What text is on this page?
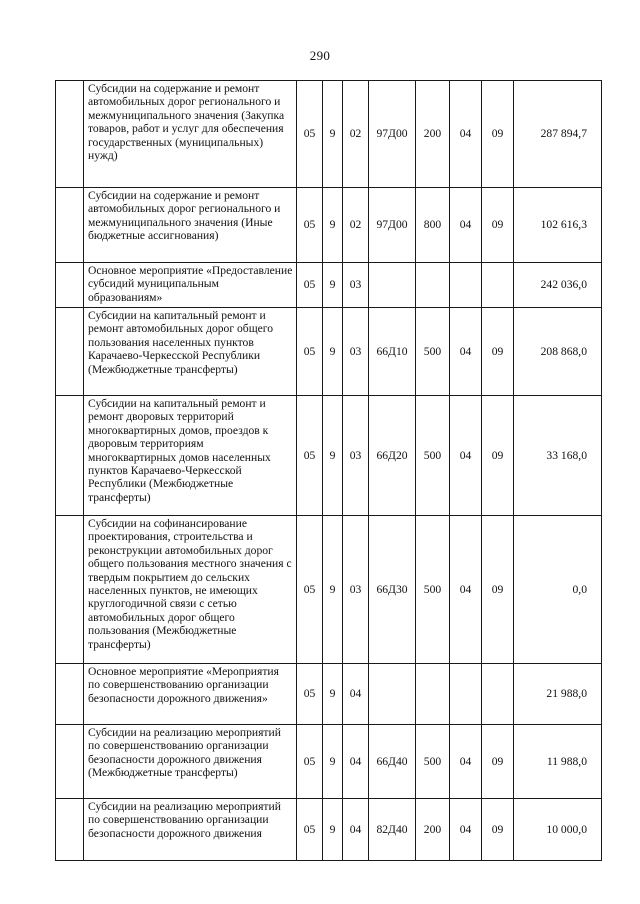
290
	Субсидии на содержание и ремонт автомобильных дорог регионального и межмуниципального значения (Закупка товаров, работ и услуг для обеспечения государственных (муниципальных) нужд)	05	9	02	97Д00	200	04	09	287 894,7
	Субсидии на содержание и ремонт автомобильных дорог регионального и межмуниципального значения (Иные бюджетные ассигнования)	05	9	02	97Д00	800	04	09	102 616,3
	Основное мероприятие «Предоставление субсидий муниципальным образованиям»	05	9	03					242 036,0
	Субсидии на капитальный ремонт и ремонт автомобильных дорог общего пользования населенных пунктов Карачаево-Черкесской Республики (Межбюджетные трансферты)	05	9	03	66Д10	500	04	09	208 868,0
	Субсидии на капитальный ремонт и ремонт дворовых территорий многоквартирных домов, проездов к дворовым территориям многоквартирных домов населенных пунктов Карачаево-Черкесской Республики (Межбюджетные трансферты)	05	9	03	66Д20	500	04	09	33 168,0
	Субсидии на софинансирование проектирования, строительства и реконструкции автомобильных дорог общего пользования местного значения с твердым покрытием до сельских населенных пунктов, не имеющих круглогодичной связи с сетью автомобильных дорог общего пользования (Межбюджетные трансферты)	05	9	03	66Д30	500	04	09	0,0
	Основное мероприятие «Мероприятия по совершенствованию организации безопасности дорожного движения»	05	9	04					21 988,0
	Субсидии на реализацию мероприятий по совершенствованию организации безопасности дорожного движения (Межбюджетные трансферты)	05	9	04	66Д40	500	04	09	11 988,0
	Субсидии на реализацию мероприятий по совершенствованию организации безопасности дорожного движения	05	9	04	82Д40	200	04	09	10 000,0
